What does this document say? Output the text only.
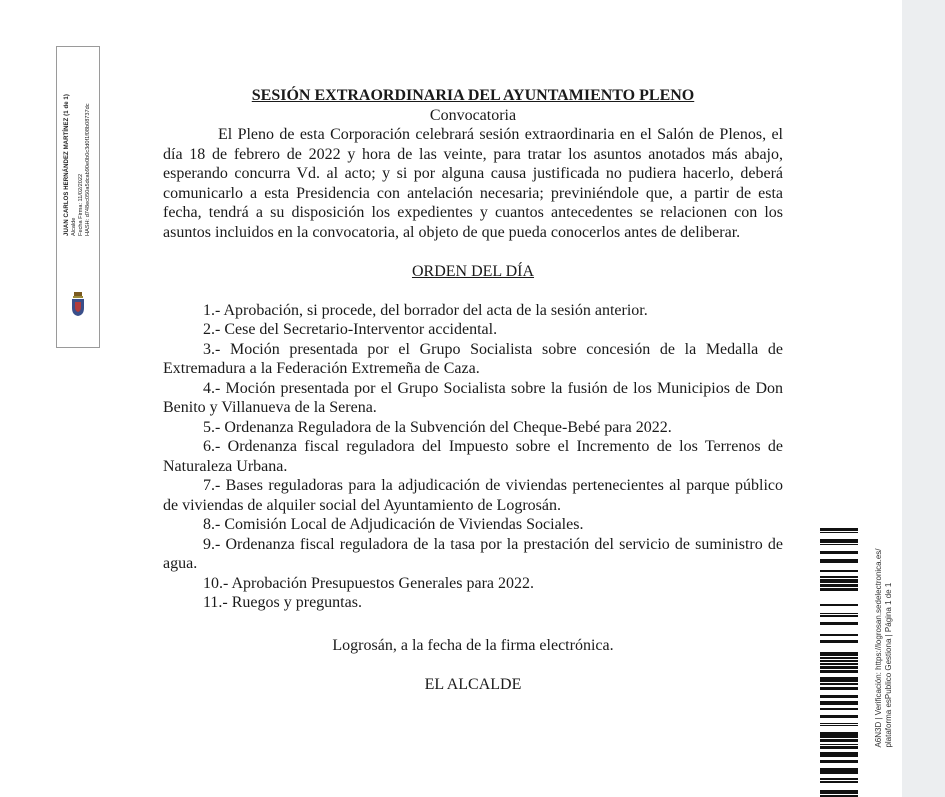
JUAN CARLOS HERNÁNDEZ MARTÍNEZ (1 de 1)
Alcalde
Fecha Firma: 11/02/2022
HASH: d748ec050a5dcab90e0b0c3d0f1f08b08737dc

SESIÓN EXTRAORDINARIA DEL AYUNTAMIENTO PLENO

Convocatoria

El Pleno de esta Corporación celebrará sesión extraordinaria en el Salón de Plenos, el día 18 de febrero de 2022 y hora de las veinte, para tratar los asuntos anotados más abajo, esperando concurra Vd. al acto; y si por alguna causa justificada no pudiera hacerlo, deberá comunicarlo a esta Presidencia con antelación necesaria; previniéndole que, a partir de esta fecha, tendrá a su disposición los expedientes y cuantos antecedentes se relacionen con los asuntos incluidos en la convocatoria, al objeto de que pueda conocerlos antes de deliberar.

ORDEN DEL DÍA

1.- Aprobación, si procede, del borrador del acta de la sesión anterior.
2.- Cese del Secretario-Interventor accidental.
3.- Moción presentada por el Grupo Socialista sobre concesión de la Medalla de Extremadura a la Federación Extremeña de Caza.
4.- Moción presentada por el Grupo Socialista sobre la fusión de los Municipios de Don Benito y Villanueva de la Serena.
5.- Ordenanza Reguladora de la Subvención del Cheque-Bebé para 2022.
6.- Ordenanza fiscal reguladora del Impuesto sobre el Incremento de los Terrenos de Naturaleza Urbana.
7.- Bases reguladoras para la adjudicación de viviendas pertenecientes al parque público de viviendas de alquiler social del Ayuntamiento de Logrosán.
8.- Comisión Local de Adjudicación de Viviendas Sociales.
9.- Ordenanza fiscal reguladora de la tasa por la prestación del servicio de suministro de agua.
10.- Aprobación Presupuestos Generales para 2022.
11.- Ruegos y preguntas.

Logrosán, a la fecha de la firma electrónica.

EL ALCALDE	A6N3D | Verificación: https://logrosan.sedelectronica.es/
plataforma esPublico Gestiona | Página 1 de 1
